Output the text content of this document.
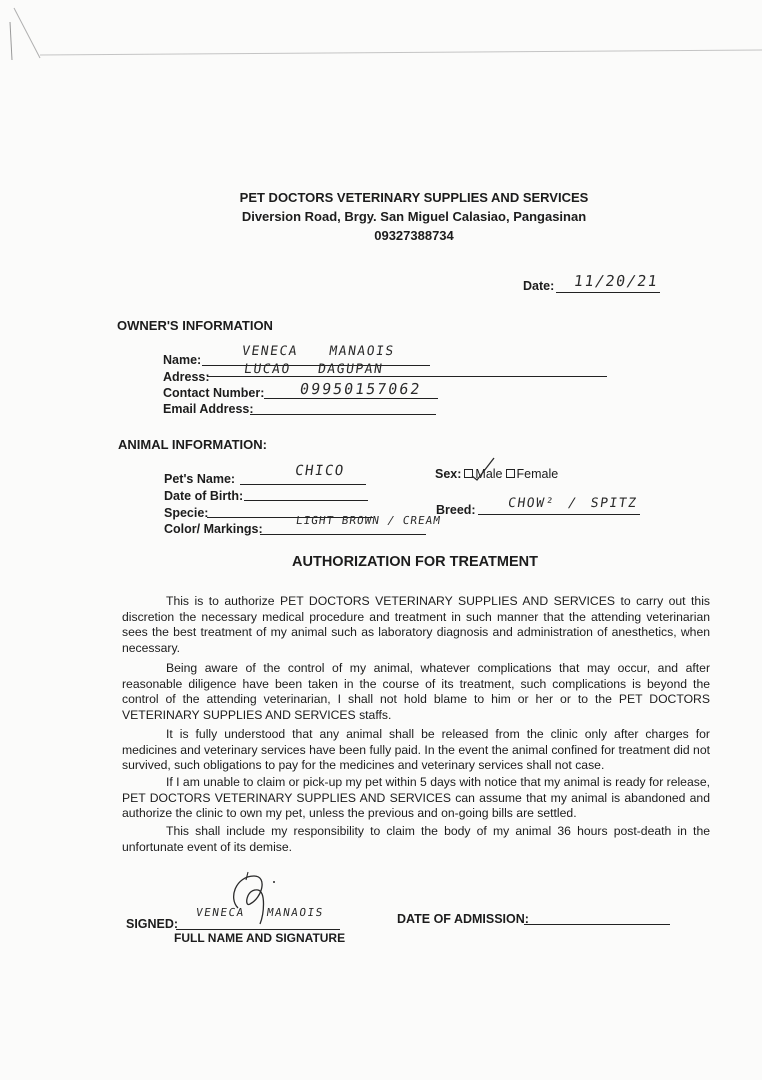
PET DOCTORS VETERINARY SUPPLIES AND SERVICES
Diversion Road, Brgy. San Miguel Calasiao, Pangasinan
09327388734
Date: 11/20/21
OWNER'S INFORMATION
Name:
VENECA MANAOIS
Adress:	LUCAO DAGUPAN
Contact Number: 09950157062
Email Address:
ANIMAL INFORMATION:
Pet's Name:	CHICO
Date of Birth:
Specie:
Color/ Markings:
LIGHT BROWN / CREAM
Sex: Male Female
Breed: CHOW² / SPITZ
AUTHORIZATION FOR TREATMENT
This is to authorize PET DOCTORS VETERINARY SUPPLIES AND SERVICES to carry out this discretion the necessary medical procedure and treatment in such manner that the attending veterinarian sees the best treatment of my animal such as laboratory diagnosis and administration of anesthetics, when necessary.
Being aware of the control of my animal, whatever complications that may occur, and after reasonable diligence have been taken in the course of its treatment, such complications is beyond the control of the attending veterinarian, I shall not hold blame to him or her or to the PET DOCTORS VETERINARY SUPPLIES AND SERVICES staffs.
It is fully understood that any animal shall be released from the clinic only after charges for medicines and veterinary services have been fully paid. In the event the animal confined for treatment did not survived, such obligations to pay for the medicines and veterinary services shall not case.
If I am unable to claim or pick-up my pet within 5 days with notice that my animal is ready for release, PET DOCTORS VETERINARY SUPPLIES AND SERVICES can assume that my animal is abandoned and authorize the clinic to own my pet, unless the previous and on-going bills are settled.
This shall include my responsibility to claim the body of my animal 36 hours post-death in the unfortunate event of its demise.
SIGNED:
VENECA MANAOIS
FULL NAME AND SIGNATURE
DATE OF ADMISSION:
